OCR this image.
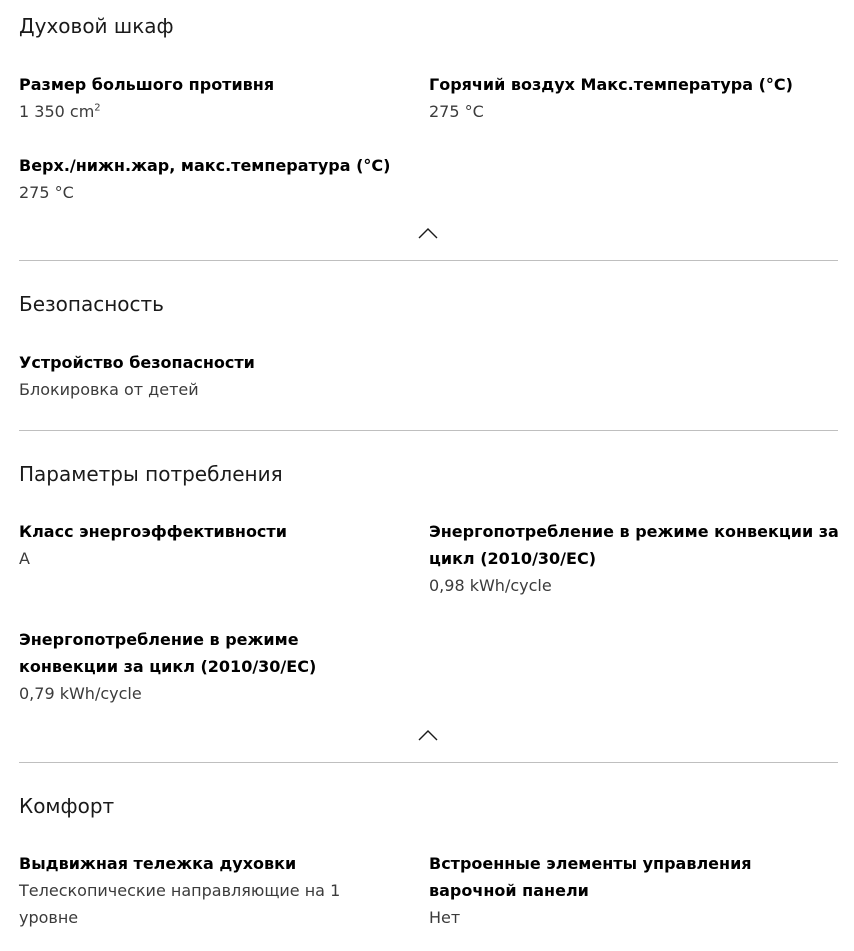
Духовой шкаф
Размер большого противня
1 350 $cm^2$
Горячий воздух Макс.температура (°C)
275 °C
Верх./нижн.жар, макс.температура (°C)
275 °C
Безопасность
Устройство безопасности
Блокировка от детей
Параметры потребления
Класс энергоэффективности
A
Энергопотребление в режиме конвекции за
цикл (2010/30/EC)
0,98 kWh/cycle
Энергопотребление в режиме
конвекции за цикл (2010/30/EC)
0,79 kWh/cycle
Комфорт
Выдвижная тележка духовки
Телескопические направляющие на 1
уровне
Встроенные элементы управления
варочной панели
Нет
